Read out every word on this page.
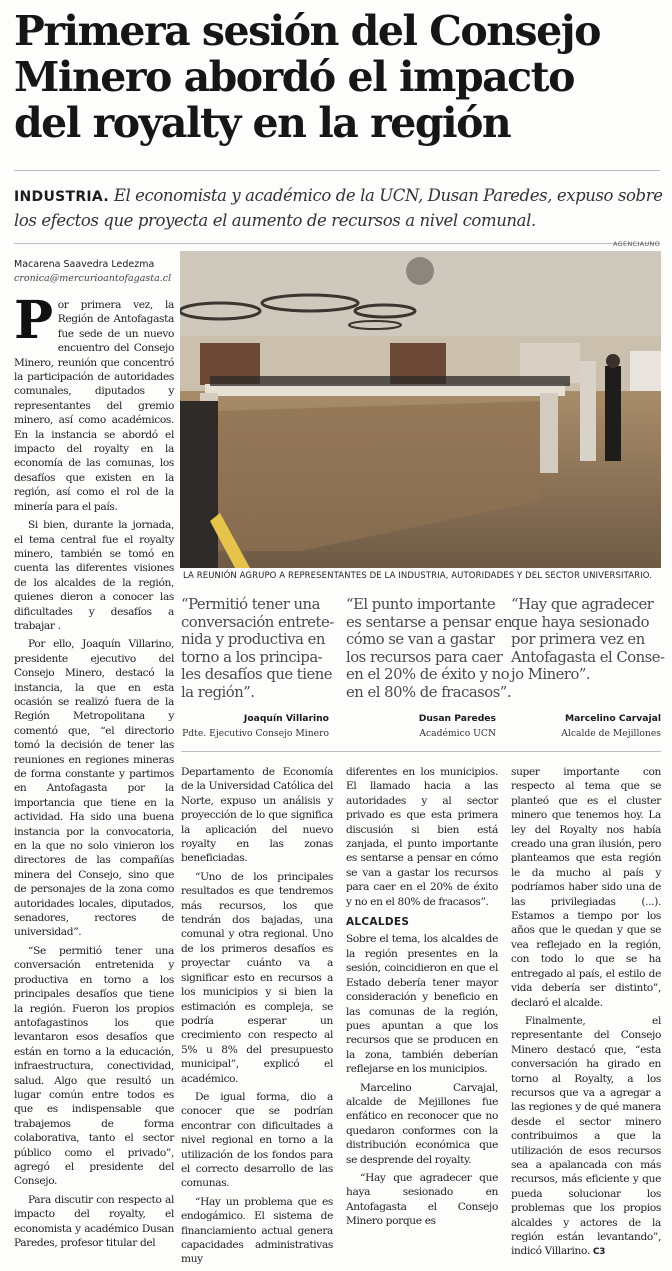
Primera sesión del Consejo
Minero abordó el impacto
del royalty en la región
INDUSTRIA. El economista y académico de la UCN, Dusan Paredes, expuso sobre
los efectos que proyecta el aumento de recursos a nivel comunal.
Macarena Saavedra Ledezma
cronica@mercurioantofagasta.cl

Por primera vez, la Región de Antofagasta fue sede de un nuevo encuentro del Consejo Minero, reunión que concentró la participación de autoridades comunales, diputados y representantes del gremio minero, así como académicos. En la instancia se abordó el impacto del royalty en la economía de las comunas, los desafíos que existen en la región, así como el rol de la minería para el país.

Si bien, durante la jornada, el tema central fue el royalty minero, también se tomó en cuenta las diferentes visiones de los alcaldes de la región, quienes dieron a conocer las dificultades y desafíos a trabajar .

Por ello, Joaquín Villarino, presidente ejecutivo del Consejo Minero, destacó la instancia, la que en esta ocasión se realizó fuera de la Región Metropolitana y comentó que, “el directorio tomó la decisión de tener las reuniones en regiones mineras de forma constante y partimos en Antofagasta por la importancia que tiene en la actividad. Ha sido una buena instancia por la convocatoria, en la que no solo vinieron los directores de las compañías minera del Consejo, sino que de personajes de la zona como autoridades locales, diputados, senadores, rectores de universidad”.

“Se permitió tener una conversación entretenida y productiva en torno a los principales desafíos que tiene la región. Fueron los propios antofagastinos los que levantaron esos desafíos que están en torno a la educación, infraestructura, conectividad, salud. Algo que resultó un lugar común entre todos es que es indispensable que trabajemos de forma colaborativa, tanto el sector público como el privado”, agregó el presidente del Consejo.

Para discutir con respecto al impacto del royalty, el economista y académico Dusan Paredes, profesor titular del

AGENCIAUNO
LA REUNIÓN AGRUPO A REPRESENTANTES DE LA INDUSTRIA, AUTORIDADES Y DEL SECTOR UNIVERSITARIO.
“Permitió tener una
conversación entrete-
nida y productiva en
torno a los principa-
les desafíos que tiene
la región”.
Joaquín Villarino
Pdte. Ejecutivo Consejo Minero
“El punto importante
es sentarse a pensar en
cómo se van a gastar
los recursos para caer
en el 20% de éxito y no
en el 80% de fracasos”.
Dusan Paredes
Académico UCN
“Hay que agradecer
que haya sesionado
por primera vez en
Antofagasta el Conse-
jo Minero”.
Marcelino Carvajal
Alcalde de Mejillones

Departamento de Economía de la Universidad Católica del Norte, expuso un análisis y proyección de lo que significa la aplicación del nuevo royalty en las zonas beneficiadas.

“Uno de los principales resultados es que tendremos más recursos, los que tendrán dos bajadas, una comunal y otra regional. Uno de los primeros desafíos es proyectar cuánto va a significar esto en recursos a los municipios y si bien la estimación es compleja, se podría esperar un crecimiento con respecto al 5% u 8% del presupuesto municipal”, explicó el académico.

De igual forma, dio a conocer que se podrían encontrar con dificultades a nivel regional en torno a la utilización de los fondos para el correcto desarrollo de las comunas.

“Hay un problema que es endogámico. El sistema de financiamiento actual genera capacidades administrativas muy

diferentes en los municipios. El llamado hacia a las autoridades y al sector privado es que esta primera discusión si bien está zanjada, el punto importante es sentarse a pensar en cómo se van a gastar los recursos para caer en el 20% de éxito y no en el 80% de fracasos”.

ALCALDES

Sobre el tema, los alcaldes de la región presentes en la sesión, coincidieron en que el Estado debería tener mayor consideración y beneficio en las comunas de la región, pues apuntan a que los recursos que se producen en la zona, también deberían reflejarse en los municipios.

Marcelino Carvajal, alcalde de Mejillones fue enfático en reconocer que no quedaron conformes con la distribución económica que se desprende del royalty.

“Hay que agradecer que haya sesionado en Antofagasta el Consejo Minero porque es

super importante con respecto al tema que se planteó que es el cluster minero que tenemos hoy. La ley del Royalty nos había creado una gran ilusión, pero planteamos que esta región le da mucho al país y podríamos haber sido una de las privilegiadas (...). Estamos a tiempo por los años que le quedan y que se vea reflejado en la región, con todo lo que se ha entregado al país, el estilo de vida debería ser distinto”, declaró el alcalde.

Finalmente, el representante del Consejo Minero destacó que, “esta conversación ha girado en torno al Royalty, a los recursos que va a agregar a las regiones y de qué manera desde el sector minero contribuimos a que la utilización de esos recursos sea a apalancada con más recursos, más eficiente y que pueda solucionar los problemas que los propios alcaldes y actores de la región están levantando”, indicó Villarino. C3
